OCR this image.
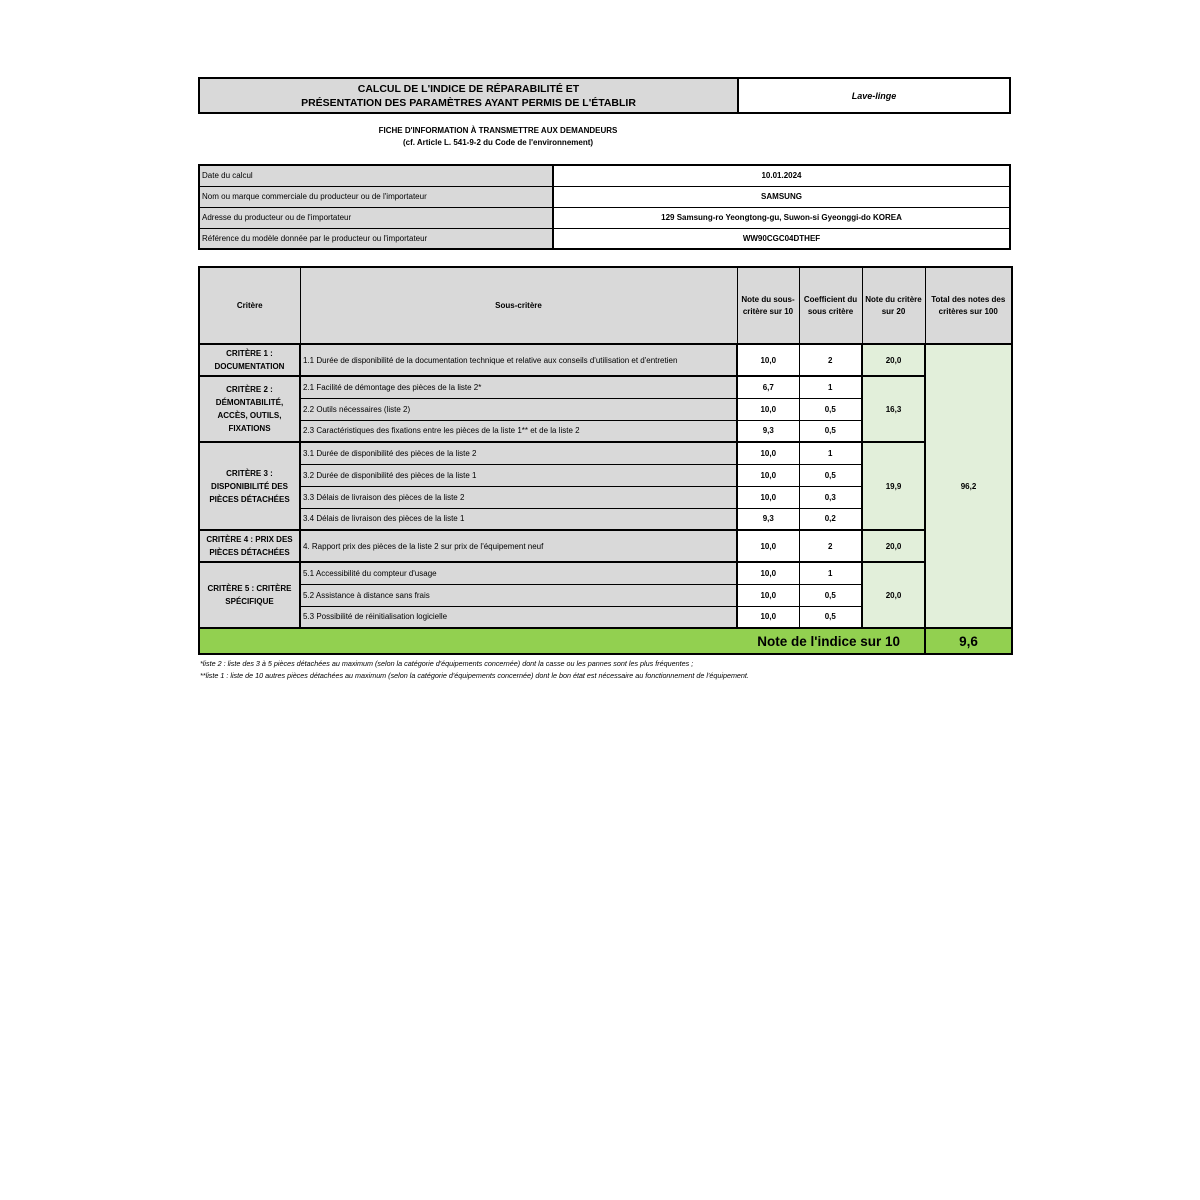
CALCUL DE L'INDICE DE RÉPARABILITÉ ET
PRÉSENTATION DES PARAMÈTRES AYANT PERMIS DE L'ÉTABLIR
Lave-linge
FICHE D'INFORMATION À TRANSMETTRE AUX DEMANDEURS
(cf. Article L. 541-9-2 du Code de l'environnement)
Date du calcul	10.01.2024
Nom ou marque commerciale du producteur ou de l'importateur	SAMSUNG
Adresse du producteur ou de l'importateur	129 Samsung-ro Yeongtong-gu, Suwon-si Gyeonggi-do KOREA
Référence du modèle donnée par le producteur ou l'importateur	WW90CGC04DTHEF
Critère	Sous-critère	Note du sous-critère sur 10	Coefficient du sous critère	Note du critère sur 20	Total des notes des critères sur 100
CRITÈRE 1 : DOCUMENTATION	1.1 Durée de disponibilité de la documentation technique et relative aux conseils d'utilisation et d'entretien	10,0	2	20,0	96,2
CRITÈRE 2 : DÉMONTABILITÉ, ACCÈS, OUTILS, FIXATIONS	2.1 Facilité de démontage des pièces de la liste 2*	6,7	1	16,3	
	2.2 Outils nécessaires (liste 2)	10,0	0,5		
	2.3 Caractéristiques des fixations entre les pièces de la liste 1** et de la liste 2	9,3	0,5		
CRITÈRE 3 : DISPONIBILITÉ DES PIÈCES DÉTACHÉES	3.1 Durée de disponibilité des pièces de la liste 2	10,0	1	19,9	
	3.2 Durée de disponibilité des pièces de la liste 1	10,0	0,5		
	3.3 Délais de livraison des pièces de la liste 2	10,0	0,3		
	3.4 Délais de livraison des pièces de la liste 1	9,3	0,2		
CRITÈRE 4 : PRIX DES PIÈCES DÉTACHÉES	4. Rapport prix des pièces de la liste 2 sur prix de l'équipement neuf	10,0	2	20,0	
CRITÈRE 5 : CRITÈRE SPÉCIFIQUE	5.1 Accessibilité du compteur d'usage	10,0	1	20,0	
	5.2 Assistance à distance sans frais	10,0	0,5		
	5.3 Possibilité de réinitialisation logicielle	10,0	0,5		
Note de l'indice sur 10					9,6
*liste 2 : liste des 3 à 5 pièces détachées au maximum (selon la catégorie d'équipements concernée) dont la casse ou les pannes sont les plus fréquentes ;
**liste 1 : liste de 10 autres pièces détachées au maximum (selon la catégorie d'équipements concernée) dont le bon état est nécessaire au fonctionnement de l'équipement.
